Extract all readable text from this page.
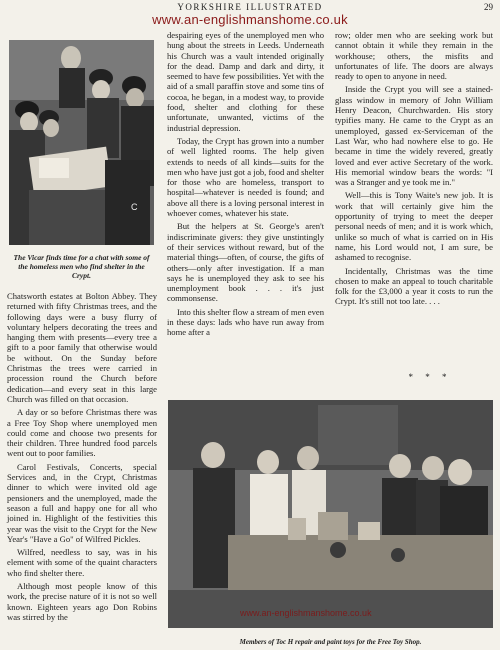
YORKSHIRE ILLUSTRATED	29
www.an-englishmanshome.co.uk
C
The Vicar finds time for a chat with some of the homeless men who find shelter in the Crypt.

Chatsworth estates at Bolton Abbey. They returned with fifty Christmas trees, and the following days were a busy flurry of voluntary helpers decorating the trees and hanging them with presents—every tree a gift to a poor family that otherwise would be without. On the Sunday before Christmas the trees were carried in procession round the Church before dedication—and every seat in this large Church was filled on that occasion.

A day or so before Christmas there was a Free Toy Shop where unemployed men could come and choose two presents for their children. Three hundred food parcels went out to poor families.

Carol Festivals, Concerts, special Services and, in the Crypt, Christmas dinner to which were invited old age pensioners and the unemployed, made the season a full and happy one for all who joined in. Highlight of the festivities this year was the visit to the Crypt for the New Year's "Have a Go" of Wilfred Pickles.

Wilfred, needless to say, was in his element with some of the quaint characters who find shelter there.

Although most people know of this work, the precise nature of it is not so well known. Eighteen years ago Don Robins was stirred by the

despairing eyes of the unemployed men who hung about the streets in Leeds. Underneath his Church was a vault intended originally for the dead. Damp and dark and dirty, it seemed to have few possibilities. Yet with the aid of a small paraffin stove and some tins of cocoa, he began, in a modest way, to provide food, shelter and clothing for these unfortunate, unwanted, victims of the industrial depression.

Today, the Crypt has grown into a number of well lighted rooms. The help given extends to needs of all kinds—suits for the men who have just got a job, food and shelter for those who are homeless, transport to hospital—whatever is needed is found; and above all there is a loving personal interest in whoever comes, whatever his state.

But the helpers at St. George's aren't indiscriminate givers: they give unstintingly of their services without reward, but of the material things—often, of course, the gifts of others—only after investigation. If a man says he is unemployed they ask to see his unemployment book . . . it's just commonsense.

Into this shelter flow a stream of men even in these days: lads who have run away from home after a

row; older men who are seeking work but cannot obtain it while they remain in the workhouse; others, the misfits and unfortunates of life. The doors are always ready to open to anyone in need.

Inside the Crypt you will see a stained-glass window in memory of John William Henry Deacon, Churchwarden. His story typifies many. He came to the Crypt as an unemployed, gassed ex-Serviceman of the Last War, who had nowhere else to go. He became in time the widely revered, greatly loved and ever active Secretary of the work. His memorial window bears the words: "I was a Stranger and ye took me in."

Well—this is Tony Waite's new job. It is work that will certainly give him the opportunity of trying to meet the deeper personal needs of men; and it is work which, unlike so much of what is carried on in His name, his Lord would not, I am sure, be ashamed to recognise.

Incidentally, Christmas was the time chosen to make an appeal to touch charitable folk for the £3,000 a year it costs to run the Crypt. It's still not too late. . . .

* * *
Members of Toc H repair and paint toys for the Free Toy Shop.
www.an-englishmanshome.co.uk
